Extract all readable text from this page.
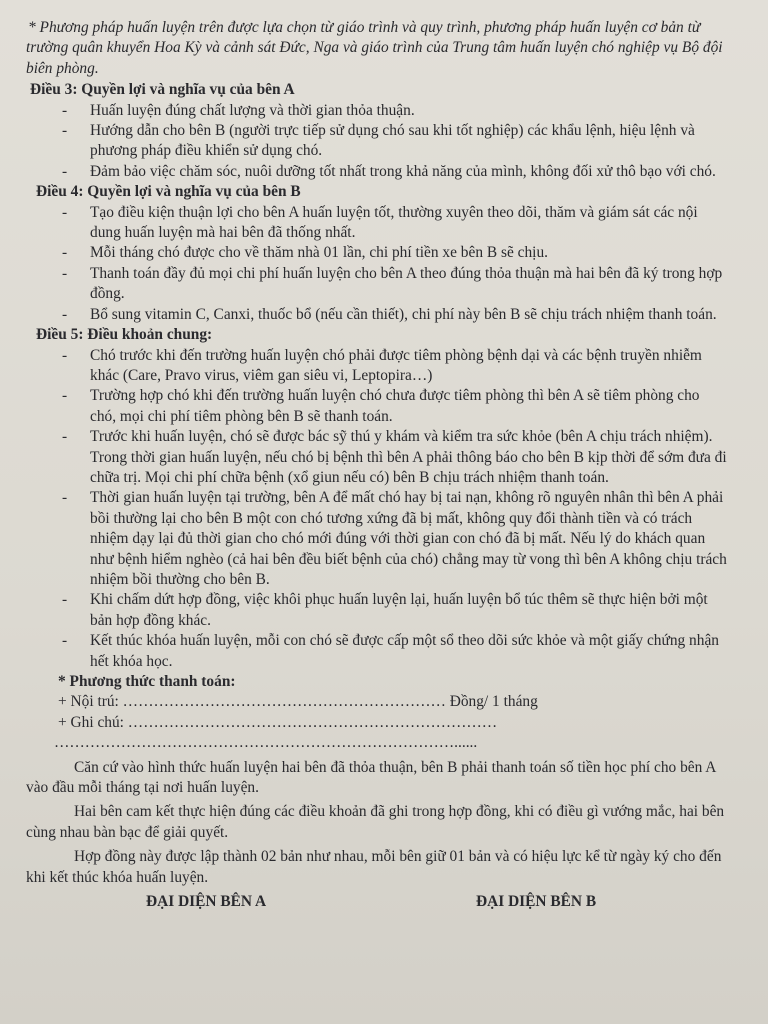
* Phương pháp huấn luyện trên được lựa chọn từ giáo trình và quy trình, phương pháp huấn luyện cơ bản từ trường quân khuyển Hoa Kỳ và cảnh sát Đức, Nga và giáo trình của Trung tâm huấn luyện chó nghiệp vụ Bộ đội biên phòng.

Điều 3: Quyền lợi và nghĩa vụ của bên A

- Huấn luyện đúng chất lượng và thời gian thỏa thuận.
- Hướng dẫn cho bên B (người trực tiếp sử dụng chó sau khi tốt nghiệp) các khẩu lệnh, hiệu lệnh và phương pháp điều khiển sử dụng chó.
- Đảm bảo việc chăm sóc, nuôi dưỡng tốt nhất trong khả năng của mình, không đối xử thô bạo với chó.

Điều 4: Quyền lợi và nghĩa vụ của bên B

- Tạo điều kiện thuận lợi cho bên A huấn luyện tốt, thường xuyên theo dõi, thăm và giám sát các nội dung huấn luyện mà hai bên đã thống nhất.
- Mỗi tháng chó được cho về thăm nhà 01 lần, chi phí tiền xe bên B sẽ chịu.
- Thanh toán đầy đủ mọi chi phí huấn luyện cho bên A theo đúng thỏa thuận mà hai bên đã ký trong hợp đồng.
- Bổ sung vitamin C, Canxi, thuốc bổ (nếu cần thiết), chi phí này bên B sẽ chịu trách nhiệm thanh toán.

Điều 5: Điều khoản chung:

- Chó trước khi đến trường huấn luyện chó phải được tiêm phòng bệnh dại và các bệnh truyền nhiễm khác (Care, Pravo virus, viêm gan siêu vi, Leptopira…)
- Trường hợp chó khi đến trường huấn luyện chó chưa được tiêm phòng thì bên A sẽ tiêm phòng cho chó, mọi chi phí tiêm phòng bên B sẽ thanh toán.
- Trước khi huấn luyện, chó sẽ được bác sỹ thú y khám và kiểm tra sức khỏe (bên A chịu trách nhiệm). Trong thời gian huấn luyện, nếu chó bị bệnh thì bên A phải thông báo cho bên B kịp thời để sớm đưa đi chữa trị. Mọi chi phí chữa bệnh (xổ giun nếu có) bên B chịu trách nhiệm thanh toán.
- Thời gian huấn luyện tại trường, bên A để mất chó hay bị tai nạn, không rõ nguyên nhân thì bên A phải bồi thường lại cho bên B một con chó tương xứng đã bị mất, không quy đổi thành tiền và có trách nhiệm dạy lại đủ thời gian cho chó mới đúng với thời gian con chó đã bị mất. Nếu lý do khách quan như bệnh hiểm nghèo (cả hai bên đều biết bệnh của chó) chẳng may từ vong thì bên A không chịu trách nhiệm bồi thường cho bên B.
- Khi chấm dứt hợp đồng, việc khôi phục huấn luyện lại, huấn luyện bổ túc thêm sẽ thực hiện bởi một bản hợp đồng khác.
- Kết thúc khóa huấn luyện, mỗi con chó sẽ được cấp một sổ theo dõi sức khỏe và một giấy chứng nhận hết khóa học.

* Phương thức thanh toán:

+ Nội trú: ……………………………………………………… Đồng/ 1 tháng

+ Ghi chú: ………………………………………………………………

……………………………………………………………………......

Căn cứ vào hình thức huấn luyện hai bên đã thỏa thuận, bên B phải thanh toán số tiền học phí cho bên A vào đầu mỗi tháng tại nơi huấn luyện.

Hai bên cam kết thực hiện đúng các điều khoản đã ghi trong hợp đồng, khi có điều gì vướng mắc, hai bên cùng nhau bàn bạc để giải quyết.

Hợp đồng này được lập thành 02 bản như nhau, mỗi bên giữ 01 bản và có hiệu lực kể từ ngày ký cho đến khi kết thúc khóa huấn luyện.

ĐẠI DIỆN BÊN A	ĐẠI DIỆN BÊN B
